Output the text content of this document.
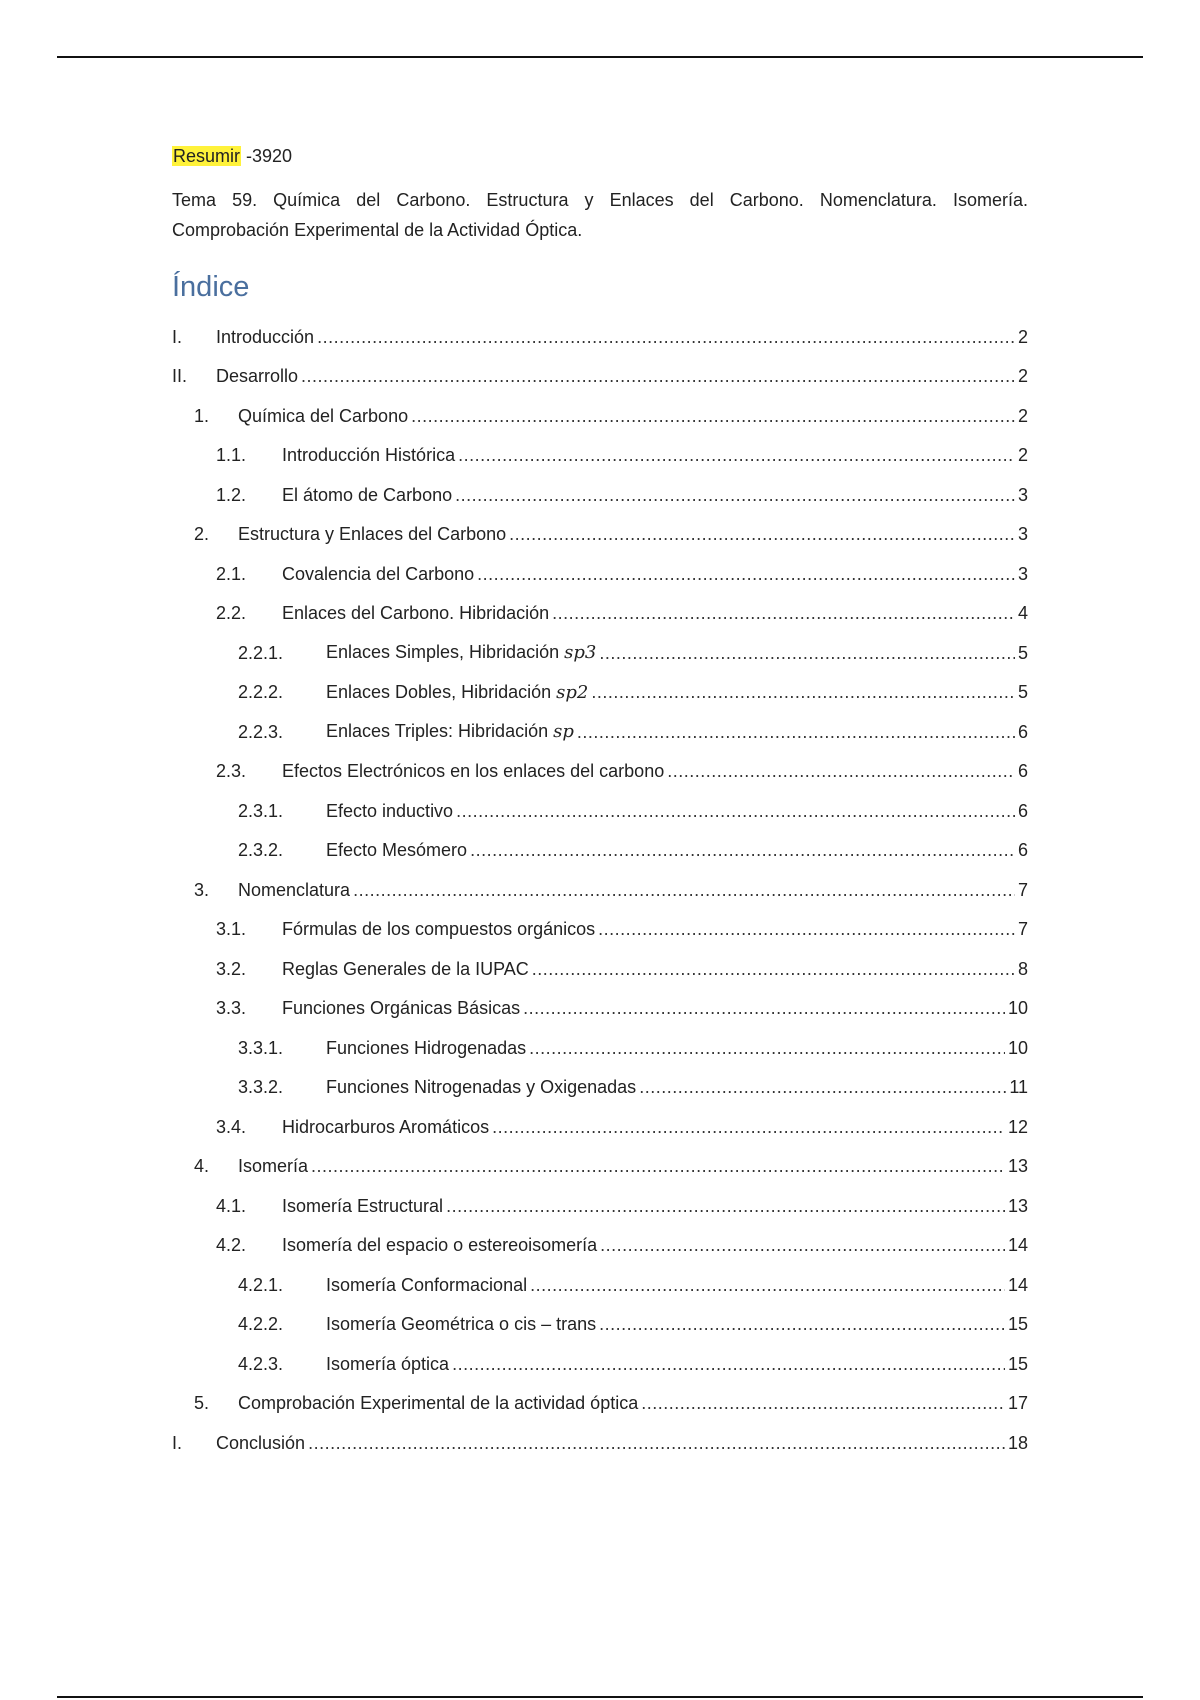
Resumir -3920

Tema 59. Química del Carbono. Estructura y Enlaces del Carbono. Nomenclatura. Isomería. Comprobación Experimental de la Actividad Óptica.

Índice
I.	Introducción .....	2
II.	Desarrollo .....	2
1.	Química del Carbono .....	2
1.1.	Introducción Histórica .....	2
1.2.	El átomo de Carbono .....	3
2.	Estructura y Enlaces del Carbono .....	3
2.1.	Covalencia del Carbono .....	3
2.2.	Enlaces del Carbono. Hibridación .....	4
2.2.1.	Enlaces Simples, Hibridación sp3 .....	5
2.2.2.	Enlaces Dobles, Hibridación sp2 .....	5
2.2.3.	Enlaces Triples: Hibridación sp .....	6
2.3.	Efectos Electrónicos en los enlaces del carbono .....	6
2.3.1.	Efecto inductivo .....	6
2.3.2.	Efecto Mesómero .....	6
3.	Nomenclatura .....	7
3.1.	Fórmulas de los compuestos orgánicos .....	7
3.2.	Reglas Generales de la IUPAC .....	8
3.3.	Funciones Orgánicas Básicas .....	10
3.3.1.	Funciones Hidrogenadas .....	10
3.3.2.	Funciones Nitrogenadas y Oxigenadas .....	11
3.4.	Hidrocarburos Aromáticos .....	12
4.	Isomería .....	13
4.1.	Isomería Estructural .....	13
4.2.	Isomería del espacio o estereoisomería .....	14
4.2.1.	Isomería Conformacional .....	14
4.2.2.	Isomería Geométrica o cis – trans .....	15
4.2.3.	Isomería óptica .....	15
5.	Comprobación Experimental de la actividad óptica .....	17
I.	Conclusión .....	18
